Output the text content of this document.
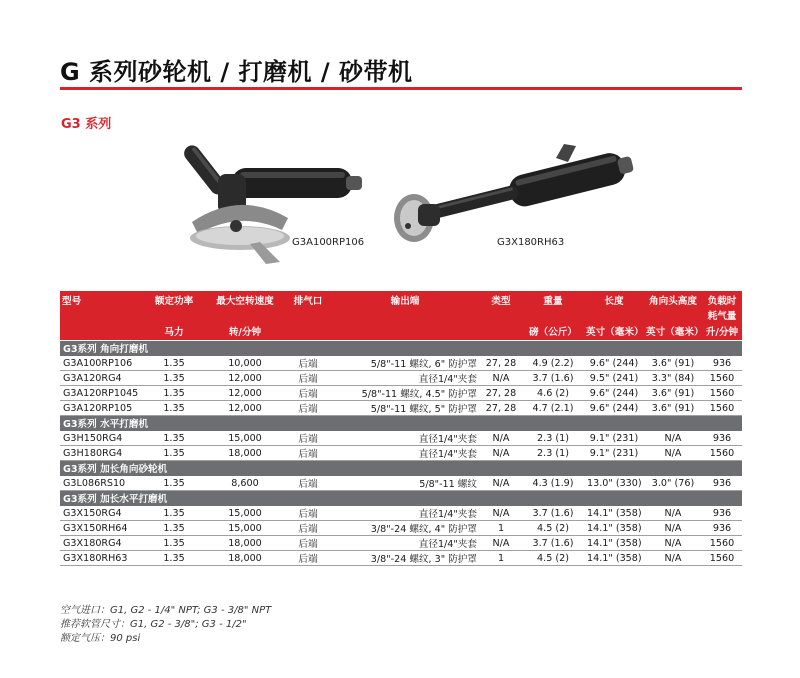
G 系列砂轮机 / 打磨机 / 砂带机
G3 系列
G3A100RP106	G3X180RH63
型号	额定功率	最大空转速度	排气口	输出端	类型	重量	长度	角向头高度	负载时
									耗气量
	马力	转/分钟				磅（公斤）	英寸（毫米）	英寸（毫米）	升/分钟
G3系列 角向打磨机									
G3A100RP106	1.35	10,000	后端	5/8"-11 螺纹, 6" 防护罩	27, 28	4.9 (2.2)	9.6" (244)	3.6" (91)	936
G3A120RG4	1.35	12,000	后端	直径1/4"夹套	N/A	3.7 (1.6)	9.5" (241)	3.3" (84)	1560
G3A120RP1045	1.35	12,000	后端	5/8"-11 螺纹, 4.5" 防护罩	27, 28	4.6 (2)	9.6" (244)	3.6" (91)	1560
G3A120RP105	1.35	12,000	后端	5/8"-11 螺纹, 5" 防护罩	27, 28	4.7 (2.1)	9.6" (244)	3.6" (91)	1560
G3系列 水平打磨机									
G3H150RG4	1.35	15,000	后端	直径1/4"夹套	N/A	2.3 (1)	9.1" (231)	N/A	936
G3H180RG4	1.35	18,000	后端	直径1/4"夹套	N/A	2.3 (1)	9.1" (231)	N/A	1560
G3系列 加长角向砂轮机									
G3L086RS10	1.35	8,600	后端	5/8"-11 螺纹	N/A	4.3 (1.9)	13.0" (330)	3.0" (76)	936
G3系列 加长水平打磨机									
G3X150RG4	1.35	15,000	后端	直径1/4"夹套	N/A	3.7 (1.6)	14.1" (358)	N/A	936
G3X150RH64	1.35	15,000	后端	3/8"-24 螺纹, 4" 防护罩	1	4.5 (2)	14.1" (358)	N/A	936
G3X180RG4	1.35	18,000	后端	直径1/4"夹套	N/A	3.7 (1.6)	14.1" (358)	N/A	1560
G3X180RH63	1.35	18,000	后端	3/8"-24 螺纹, 3" 防护罩	1	4.5 (2)	14.1" (358)	N/A	1560
空气进口：G1, G2 - 1/4" NPT; G3 - 3/8" NPT
推荐软管尺寸：G1, G2 - 3/8"; G3 - 1/2"
额定气压：90 psi
